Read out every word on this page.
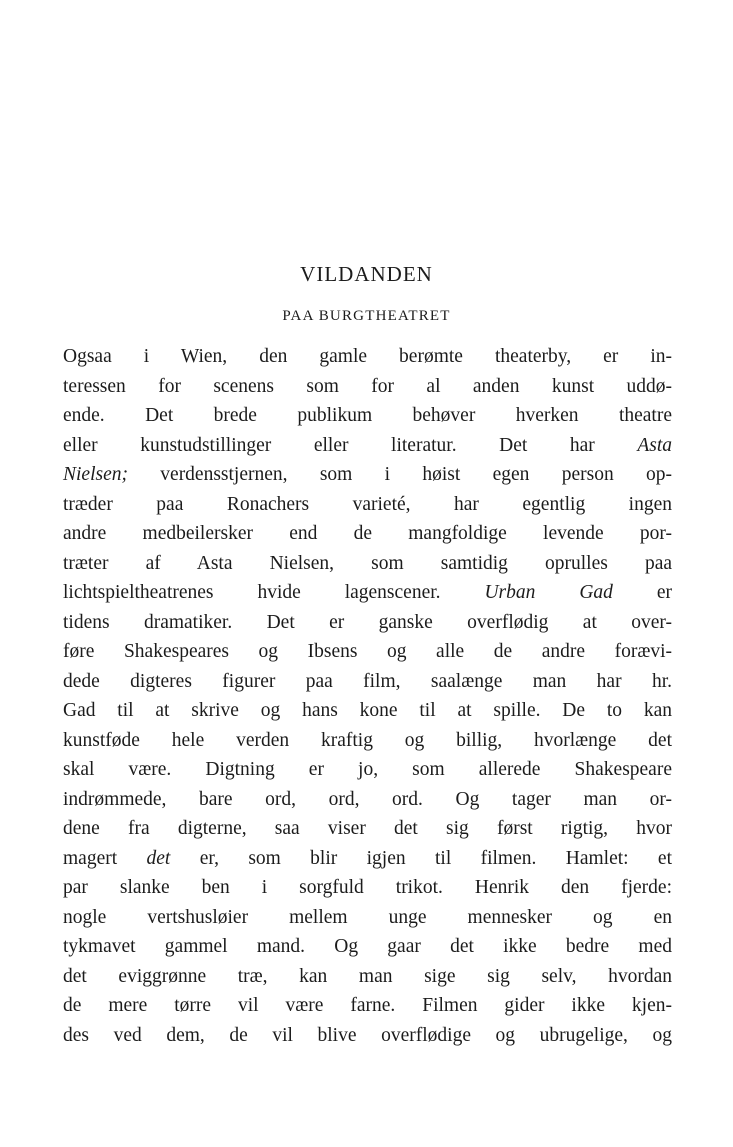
VILDANDEN
PAA BURGTHEATRET
Ogsaa i Wien, den gamle berømte theaterby, er in-
teressen for scenens som for al anden kunst uddø-
ende. Det brede publikum behøver hverken theatre
eller kunstudstillinger eller literatur. Det har Asta
Nielsen; verdensstjernen, som i høist egen person op-
træder paa Ronachers varieté, har egentlig ingen
andre medbeilersker end de mangfoldige levende por-
træter af Asta Nielsen, som samtidig oprulles paa
lichtspieltheatrenes hvide lagenscener. Urban Gad er
tidens dramatiker. Det er ganske overflødig at over-
føre Shakespeares og Ibsens og alle de andre forævi-
dede digteres figurer paa film, saalænge man har hr.
Gad til at skrive og hans kone til at spille. De to kan
kunstføde hele verden kraftig og billig, hvorlænge det
skal være. Digtning er jo, som allerede Shakespeare
indrømmede, bare ord, ord, ord. Og tager man or-
dene fra digterne, saa viser det sig først rigtig, hvor
magert det er, som blir igjen til filmen. Hamlet: et
par slanke ben i sorgfuld trikot. Henrik den fjerde:
nogle vertshusløier mellem unge mennesker og en
tykmavet gammel mand. Og gaar det ikke bedre med
det eviggrønne træ, kan man sige sig selv, hvordan
de mere tørre vil være farne. Filmen gider ikke kjen-
des ved dem, de vil blive overflødige og ubrugelige, og
